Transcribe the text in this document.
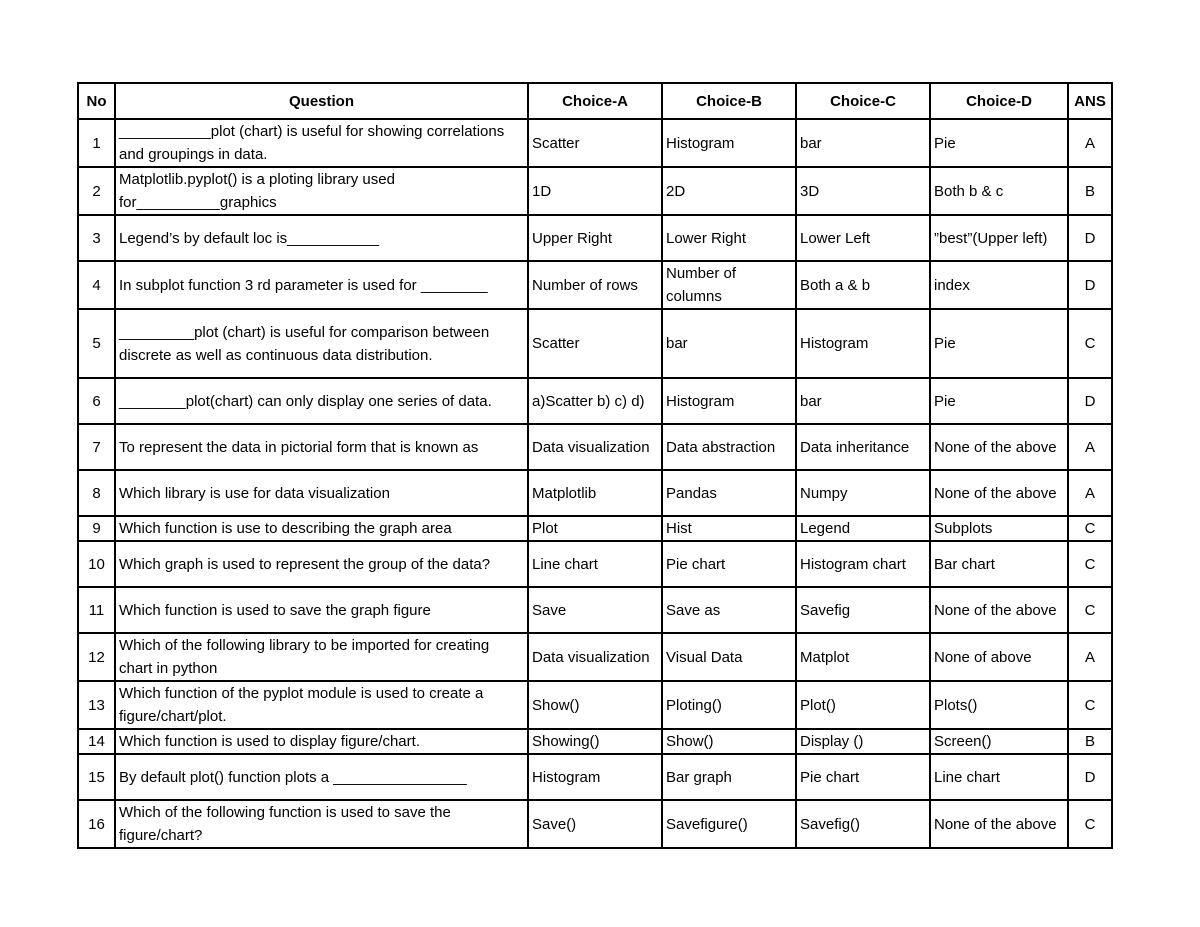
No	Question	Choice-A	Choice-B	Choice-C	Choice-D	ANS

1	___________plot (chart) is useful for showing correlations and groupings in data.	Scatter	Histogram	bar	Pie	A

2	Matplotlib.pyplot() is a ploting library used for__________graphics	1D	2D	3D	Both b & c	B

3	Legend’s by default loc is___________	Upper Right	Lower Right	Lower Left	”best”(Upper left)	D

4	In subplot function 3 rd parameter is used for ________	Number of rows	Number of columns	Both a & b	index	D

5	_________plot (chart) is useful for comparison between discrete as well as continuous data distribution.	Scatter	bar	Histogram	Pie	C

6	________plot(chart) can only display one series of data.	a)Scatter b) c) d)	Histogram	bar	Pie	D

7	To represent the data in pictorial form that is known as	Data visualization	Data abstraction	Data inheritance	None of the above	A

8	Which library is use for data visualization	Matplotlib	Pandas	Numpy	None of the above	A

9	Which function is use to describing the graph area	Plot	Hist	Legend	Subplots	C

10	Which graph is used to represent the group of the data?	Line chart	Pie chart	Histogram chart	Bar chart	C

11	Which function is used to save the graph figure	Save	Save as	Savefig	None of the above	C

12	Which of the following library to be imported for creating chart in python	Data visualization	Visual Data	Matplot	None of above	A

13	Which function of the pyplot module is used to create a figure/chart/plot.	Show()	Ploting()	Plot()	Plots()	C

14	Which function is used to display figure/chart.	Showing()	Show()	Display ()	Screen()	B

15	By default plot() function plots a ________________	Histogram	Bar graph	Pie chart	Line chart	D

16	Which of the following function is used to save the figure/chart?	Save()	Savefigure()	Savefig()	None of the above	C
